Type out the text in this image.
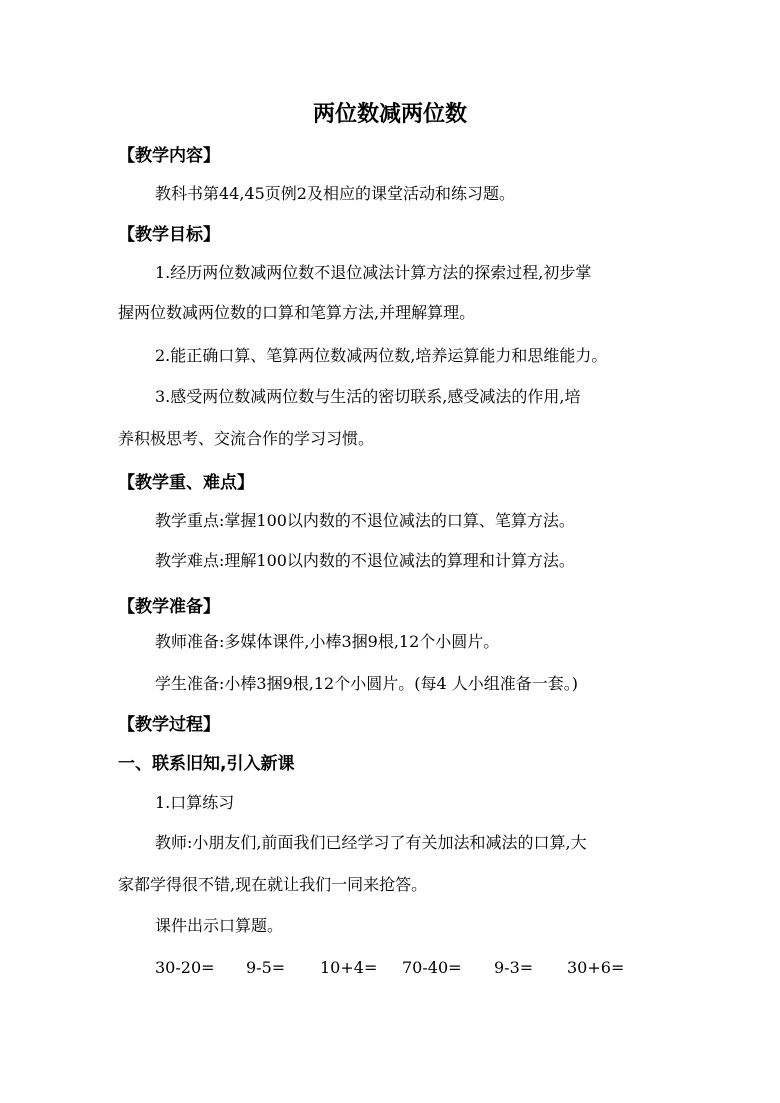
两位数减两位数
【教学内容】
教科书第44,45页例2及相应的课堂活动和练习题。
【教学目标】
1.经历两位数减两位数不退位减法计算方法的探索过程,初步掌
握两位数减两位数的口算和笔算方法,并理解算理。
2.能正确口算、笔算两位数减两位数,培养运算能力和思维能力。
3.感受两位数减两位数与生活的密切联系,感受减法的作用,培
养积极思考、交流合作的学习习惯。
【教学重、难点】
教学重点:掌握100以内数的不退位减法的口算、笔算方法。
教学难点:理解100以内数的不退位减法的算理和计算方法。
【教学准备】
教师准备:多媒体课件,小棒3捆9根,12个小圆片。
学生准备:小棒3捆9根,12个小圆片。(每4 人小组准备一套。)
【教学过程】
一、联系旧知,引入新课
1.口算练习
教师:小朋友们,前面我们已经学习了有关加法和减法的口算,大
家都学得很不错,现在就让我们一同来抢答。
课件出示口算题。
30-20= 9-5= 10+4= 70-40= 9-3= 30+6=
